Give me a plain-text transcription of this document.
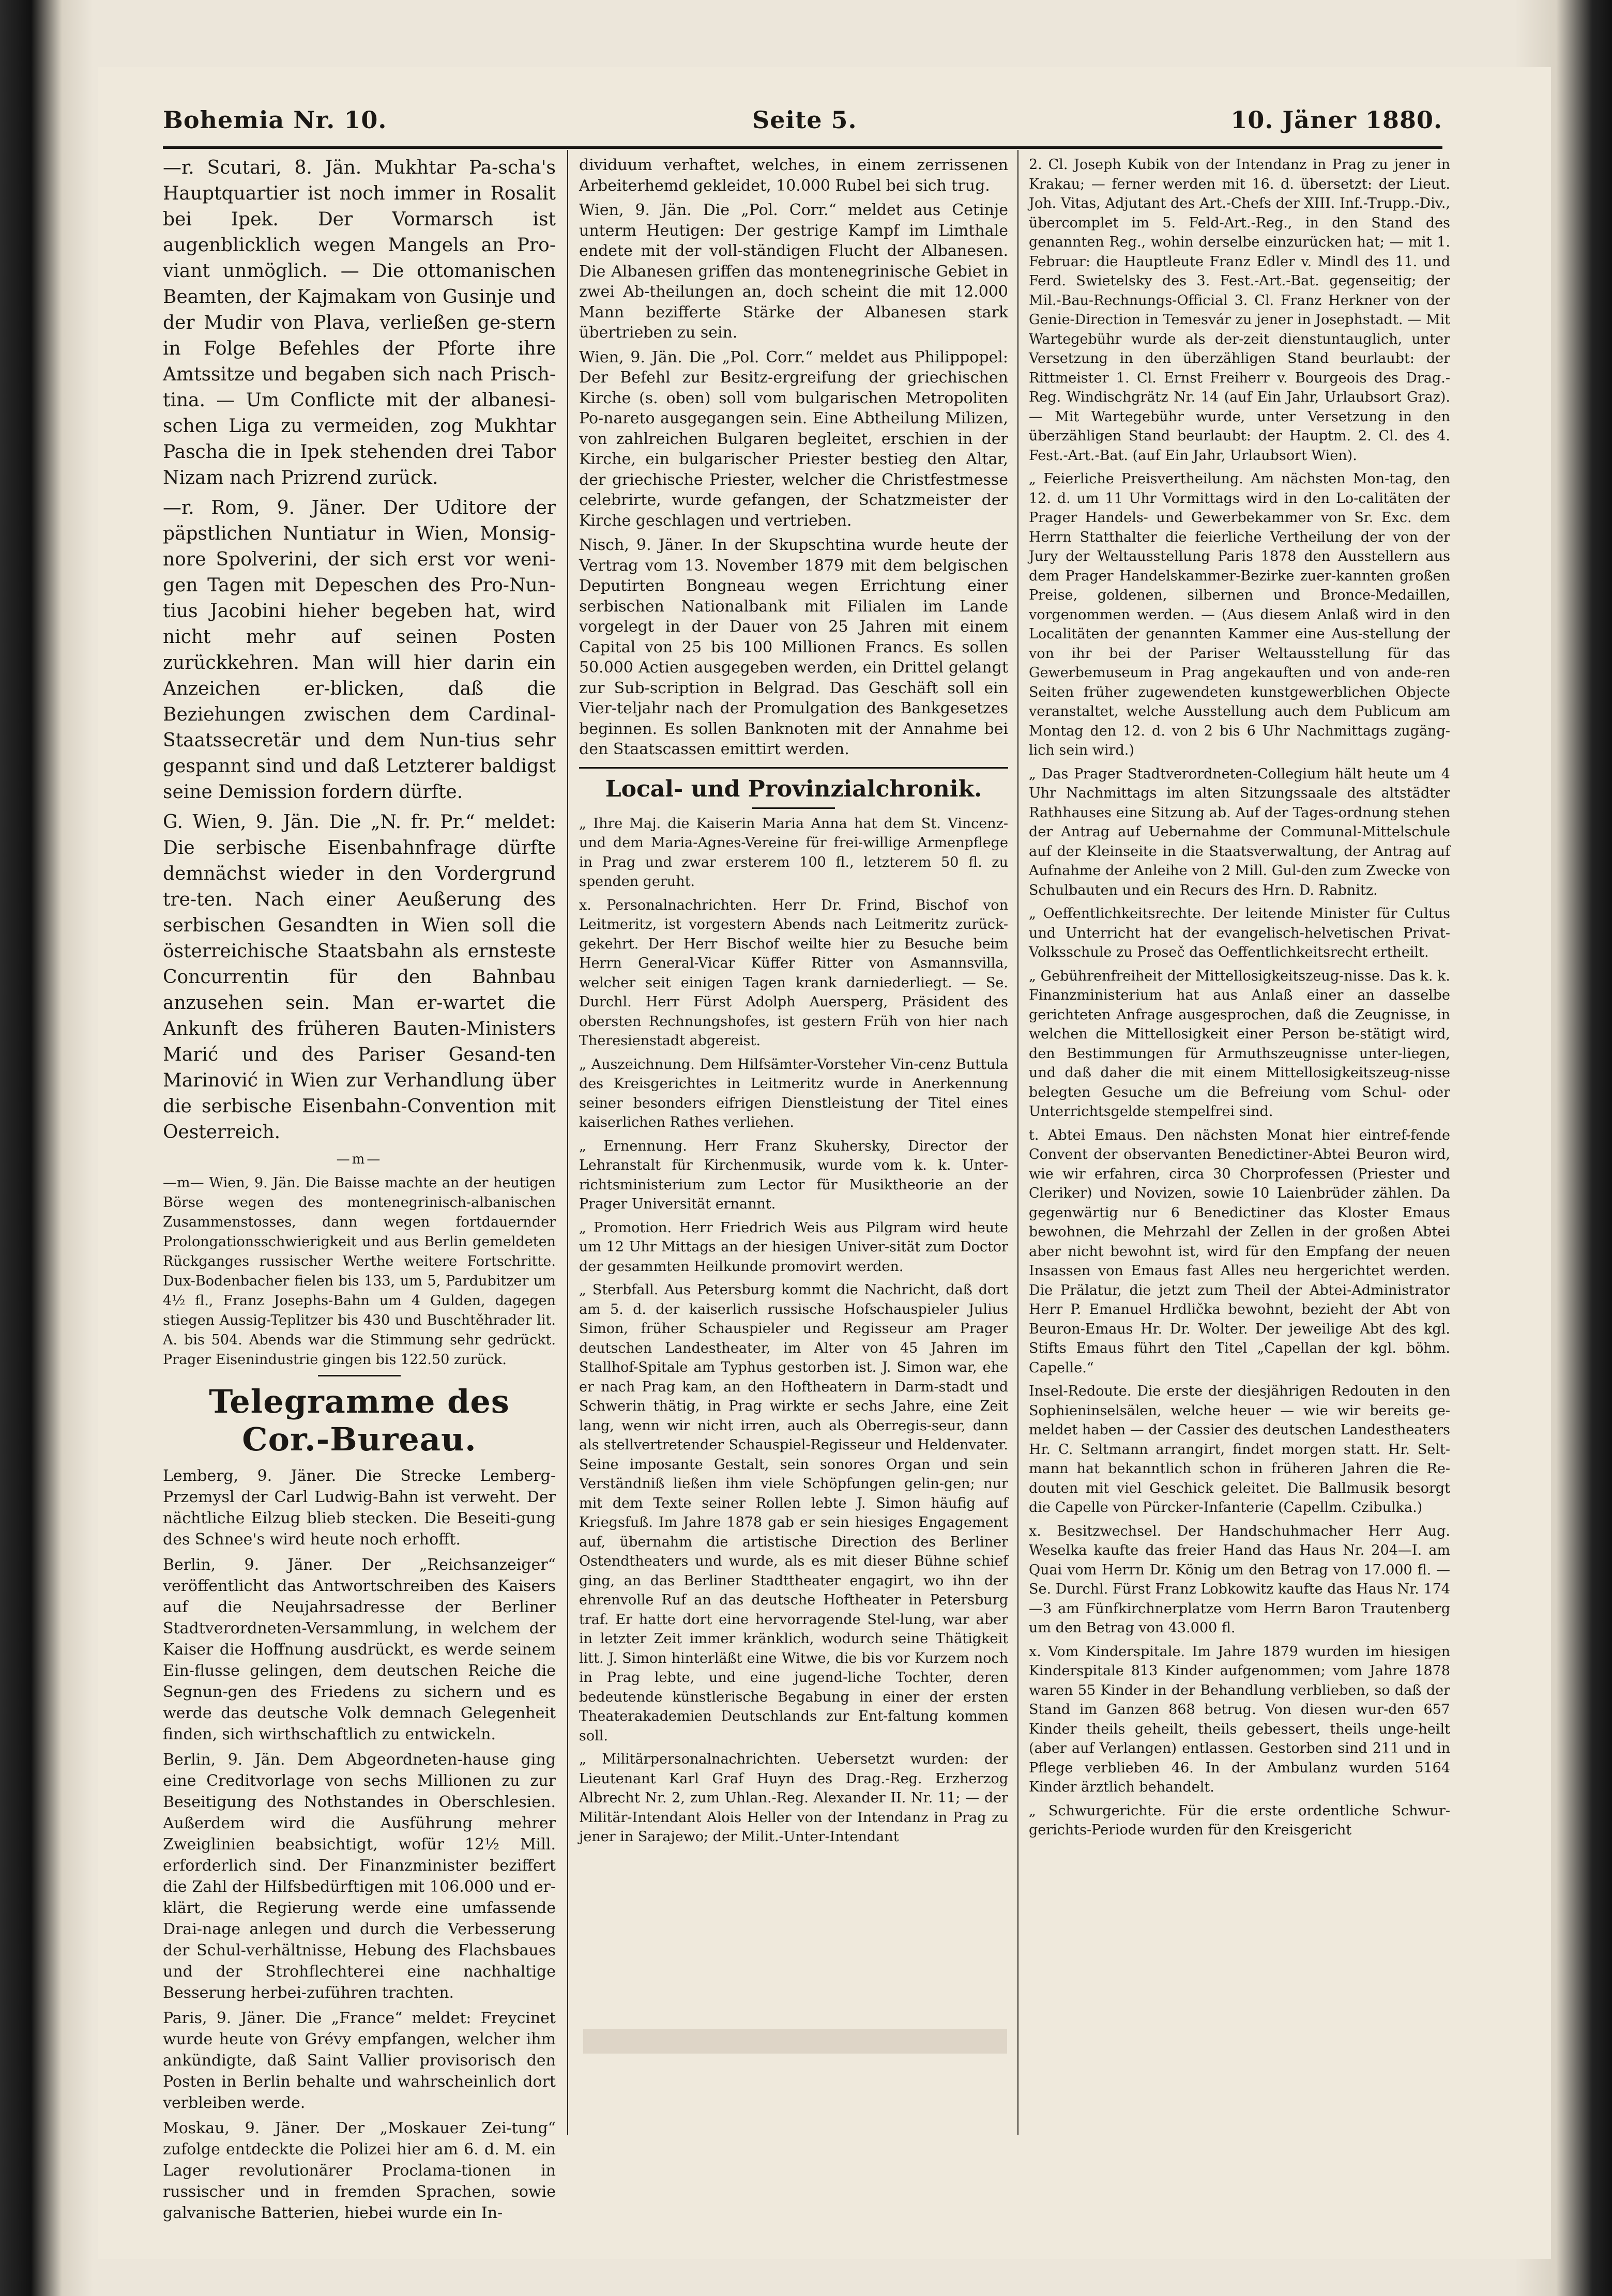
Bohemia Nr. 10.	Seite 5.	10. Jäner 1880.

—r. Scutari, 8. Jän. Mukhtar Pa-scha's Hauptquartier ist noch immer in Rosalit bei Ipek. Der Vormarsch ist augenblicklich wegen Mangels an Pro-viant unmöglich. — Die ottomanischen Beamten, der Kajmakam von Gusinje und der Mudir von Plava, verließen ge-stern in Folge Befehles der Pforte ihre Amtssitze und begaben sich nach Prisch-tina. — Um Conflicte mit der albanesi-schen Liga zu vermeiden, zog Mukhtar Pascha die in Ipek stehenden drei Tabor Nizam nach Prizrend zurück.

—r. Rom, 9. Jäner. Der Uditore der päpstlichen Nuntiatur in Wien, Monsig-nore Spolverini, der sich erst vor weni-gen Tagen mit Depeschen des Pro-Nun-tius Jacobini hieher begeben hat, wird nicht mehr auf seinen Posten zurückkehren. Man will hier darin ein Anzeichen er-blicken, daß die Beziehungen zwischen dem Cardinal-Staatssecretär und dem Nun-tius sehr gespannt sind und daß Letzterer baldigst seine Demission fordern dürfte.

G. Wien, 9. Jän. Die „N. fr. Pr.“ meldet: Die serbische Eisenbahnfrage dürfte demnächst wieder in den Vordergrund tre-ten. Nach einer Aeußerung des serbischen Gesandten in Wien soll die österreichische Staatsbahn als ernsteste Concurrentin für den Bahnbau anzusehen sein. Man er-wartet die Ankunft des früheren Bauten-Ministers Marić und des Pariser Gesand-ten Marinović in Wien zur Verhandlung über die serbische Eisenbahn-Convention mit Oesterreich.

—m—

—m— Wien, 9. Jän. Die Baisse machte an der heutigen Börse wegen des montenegrinisch-albanischen Zusammenstosses, dann wegen fortdauernder Prolongationsschwierigkeit und aus Berlin gemeldeten Rückganges russischer Werthe weitere Fortschritte. Dux-Bodenbacher fielen bis 133, um 5, Pardubitzer um 4½ fl., Franz Josephs-Bahn um 4 Gulden, dagegen stiegen Aussig-Teplitzer bis 430 und Buschtěhrader lit. A. bis 504. Abends war die Stimmung sehr gedrückt. Prager Eisenindustrie gingen bis 122.50 zurück.

Telegramme des Cor.-Bureau.

Lemberg, 9. Jäner. Die Strecke Lemberg-Przemysl der Carl Ludwig-Bahn ist verweht. Der nächtliche Eilzug blieb stecken. Die Beseiti-gung des Schnee's wird heute noch erhofft.

Berlin, 9. Jäner. Der „Reichsanzeiger“ veröffentlicht das Antwortschreiben des Kaisers auf die Neujahrsadresse der Berliner Stadtverordneten-Versammlung, in welchem der Kaiser die Hoffnung ausdrückt, es werde seinem Ein-flusse gelingen, dem deutschen Reiche die Segnun-gen des Friedens zu sichern und es werde das deutsche Volk demnach Gelegenheit finden, sich wirthschaftlich zu entwickeln.

Berlin, 9. Jän. Dem Abgeordneten-hause ging eine Creditvorlage von sechs Millionen zu zur Beseitigung des Nothstandes in Oberschlesien. Außerdem wird die Ausführung mehrer Zweiglinien beabsichtigt, wofür 12½ Mill. erforderlich sind. Der Finanzminister beziffert die Zahl der Hilfsbedürftigen mit 106.000 und er-klärt, die Regierung werde eine umfassende Drai-nage anlegen und durch die Verbesserung der Schul-verhältnisse, Hebung des Flachsbaues und der Strohflechterei eine nachhaltige Besserung herbei-zuführen trachten.

Paris, 9. Jäner. Die „France“ meldet: Freycinet wurde heute von Grévy empfangen, welcher ihm ankündigte, daß Saint Vallier provisorisch den Posten in Berlin behalte und wahrscheinlich dort verbleiben werde.

Moskau, 9. Jäner. Der „Moskauer Zei-tung“ zufolge entdeckte die Polizei hier am 6. d. M. ein Lager revolutionärer Proclama-tionen in russischer und in fremden Sprachen, sowie galvanische Batterien, hiebei wurde ein In-

dividuum verhaftet, welches, in einem zerrissenen Arbeiterhemd gekleidet, 10.000 Rubel bei sich trug.

Wien, 9. Jän. Die „Pol. Corr.“ meldet aus Cetinje unterm Heutigen: Der gestrige Kampf im Limthale endete mit der voll-ständigen Flucht der Albanesen. Die Albanesen griffen das montenegrinische Gebiet in zwei Ab-theilungen an, doch scheint die mit 12.000 Mann bezifferte Stärke der Albanesen stark übertrieben zu sein.

Wien, 9. Jän. Die „Pol. Corr.“ meldet aus Philippopel: Der Befehl zur Besitz-ergreifung der griechischen Kirche (s. oben) soll vom bulgarischen Metropoliten Po-nareto ausgegangen sein. Eine Abtheilung Milizen, von zahlreichen Bulgaren begleitet, erschien in der Kirche, ein bulgarischer Priester bestieg den Altar, der griechische Priester, welcher die Christfestmesse celebrirte, wurde gefangen, der Schatzmeister der Kirche geschlagen und vertrieben.

Nisch, 9. Jäner. In der Skupschtina wurde heute der Vertrag vom 13. November 1879 mit dem belgischen Deputirten Bongneau wegen Errichtung einer serbischen Nationalbank mit Filialen im Lande vorgelegt in der Dauer von 25 Jahren mit einem Capital von 25 bis 100 Millionen Francs. Es sollen 50.000 Actien ausgegeben werden, ein Drittel gelangt zur Sub-scription in Belgrad. Das Geschäft soll ein Vier-teljahr nach der Promulgation des Bankgesetzes beginnen. Es sollen Banknoten mit der Annahme bei den Staatscassen emittirt werden.

Local- und Provinzialchronik.

„ Ihre Maj. die Kaiserin Maria Anna hat dem St. Vincenz- und dem Maria-Agnes-Vereine für frei-willige Armenpflege in Prag und zwar ersterem 100 fl., letzterem 50 fl. zu spenden geruht.

x. Personalnachrichten. Herr Dr. Frind, Bischof von Leitmeritz, ist vorgestern Abends nach Leitmeritz zurück-gekehrt. Der Herr Bischof weilte hier zu Besuche beim Herrn General-Vicar Küffer Ritter von Asmannsvilla, welcher seit einigen Tagen krank darniederliegt. — Se. Durchl. Herr Fürst Adolph Auersperg, Präsident des obersten Rechnungshofes, ist gestern Früh von hier nach Theresienstadt abgereist.

„ Auszeichnung. Dem Hilfsämter-Vorsteher Vin-cenz Buttula des Kreisgerichtes in Leitmeritz wurde in Anerkennung seiner besonders eifrigen Dienstleistung der Titel eines kaiserlichen Rathes verliehen.

„ Ernennung. Herr Franz Skuhersky, Director der Lehranstalt für Kirchenmusik, wurde vom k. k. Unter-richtsministerium zum Lector für Musiktheorie an der Prager Universität ernannt.

„ Promotion. Herr Friedrich Weis aus Pilgram wird heute um 12 Uhr Mittags an der hiesigen Univer-sität zum Doctor der gesammten Heilkunde promovirt werden.

„ Sterbfall. Aus Petersburg kommt die Nachricht, daß dort am 5. d. der kaiserlich russische Hofschauspieler Julius Simon, früher Schauspieler und Regisseur am Prager deutschen Landestheater, im Alter von 45 Jahren im Stallhof-Spitale am Typhus gestorben ist. J. Simon war, ehe er nach Prag kam, an den Hoftheatern in Darm-stadt und Schwerin thätig, in Prag wirkte er sechs Jahre, eine Zeit lang, wenn wir nicht irren, auch als Oberregis-seur, dann als stellvertretender Schauspiel-Regisseur und Heldenvater. Seine imposante Gestalt, sein sonores Organ und sein Verständniß ließen ihm viele Schöpfungen gelin-gen; nur mit dem Texte seiner Rollen lebte J. Simon häufig auf Kriegsfuß. Im Jahre 1878 gab er sein hiesiges Engagement auf, übernahm die artistische Direction des Berliner Ostendtheaters und wurde, als es mit dieser Bühne schief ging, an das Berliner Stadttheater engagirt, wo ihn der ehrenvolle Ruf an das deutsche Hoftheater in Petersburg traf. Er hatte dort eine hervorragende Stel-lung, war aber in letzter Zeit immer kränklich, wodurch seine Thätigkeit litt. J. Simon hinterläßt eine Witwe, die bis vor Kurzem noch in Prag lebte, und eine jugend-liche Tochter, deren bedeutende künstlerische Begabung in einer der ersten Theaterakademien Deutschlands zur Ent-faltung kommen soll.

„ Militärpersonalnachrichten. Uebersetzt wurden: der Lieutenant Karl Graf Huyn des Drag.-Reg. Erzherzog Albrecht Nr. 2, zum Uhlan.-Reg. Alexander II. Nr. 11; — der Militär-Intendant Alois Heller von der Intendanz in Prag zu jener in Sarajewo; der Milit.-Unter-Intendant

2. Cl. Joseph Kubik von der Intendanz in Prag zu jener in Krakau; — ferner werden mit 16. d. übersetzt: der Lieut. Joh. Vitas, Adjutant des Art.-Chefs der XIII. Inf.-Trupp.-Div., übercomplet im 5. Feld-Art.-Reg., in den Stand des genannten Reg., wohin derselbe einzurücken hat; — mit 1. Februar: die Hauptleute Franz Edler v. Mindl des 11. und Ferd. Swietelsky des 3. Fest.-Art.-Bat. gegenseitig; der Mil.-Bau-Rechnungs-Official 3. Cl. Franz Herkner von der Genie-Direction in Temesvár zu jener in Josephstadt. — Mit Wartegebühr wurde als der-zeit dienstuntauglich, unter Versetzung in den überzähligen Stand beurlaubt: der Rittmeister 1. Cl. Ernst Freiherr v. Bourgeois des Drag.-Reg. Windischgrätz Nr. 14 (auf Ein Jahr, Urlaubsort Graz). — Mit Wartegebühr wurde, unter Versetzung in den überzähligen Stand beurlaubt: der Hauptm. 2. Cl. des 4. Fest.-Art.-Bat. (auf Ein Jahr, Urlaubsort Wien).

„ Feierliche Preisvertheilung. Am nächsten Mon-tag, den 12. d. um 11 Uhr Vormittags wird in den Lo-calitäten der Prager Handels- und Gewerbekammer von Sr. Exc. dem Herrn Statthalter die feierliche Vertheilung der von der Jury der Weltausstellung Paris 1878 den Ausstellern aus dem Prager Handelskammer-Bezirke zuer-kannten großen Preise, goldenen, silbernen und Bronce-Medaillen, vorgenommen werden. — (Aus diesem Anlaß wird in den Localitäten der genannten Kammer eine Aus-stellung der von ihr bei der Pariser Weltausstellung für das Gewerbemuseum in Prag angekauften und von ande-ren Seiten früher zugewendeten kunstgewerblichen Objecte veranstaltet, welche Ausstellung auch dem Publicum am Montag den 12. d. von 2 bis 6 Uhr Nachmittags zugäng-lich sein wird.)

„ Das Prager Stadtverordneten-Collegium hält heute um 4 Uhr Nachmittags im alten Sitzungssaale des altstädter Rathhauses eine Sitzung ab. Auf der Tages-ordnung stehen der Antrag auf Uebernahme der Communal-Mittelschule auf der Kleinseite in die Staatsverwaltung, der Antrag auf Aufnahme der Anleihe von 2 Mill. Gul-den zum Zwecke von Schulbauten und ein Recurs des Hrn. D. Rabnitz.

„ Oeffentlichkeitsrechte. Der leitende Minister für Cultus und Unterricht hat der evangelisch-helvetischen Privat-Volksschule zu Proseč das Oeffentlichkeitsrecht ertheilt.

„ Gebührenfreiheit der Mittellosigkeitszeug-nisse. Das k. k. Finanzministerium hat aus Anlaß einer an dasselbe gerichteten Anfrage ausgesprochen, daß die Zeugnisse, in welchen die Mittellosigkeit einer Person be-stätigt wird, den Bestimmungen für Armuthszeugnisse unter-liegen, und daß daher die mit einem Mittellosigkeitszeug-nisse belegten Gesuche um die Befreiung vom Schul- oder Unterrichtsgelde stempelfrei sind.

t. Abtei Emaus. Den nächsten Monat hier eintref-fende Convent der observanten Benedictiner-Abtei Beuron wird, wie wir erfahren, circa 30 Chorprofessen (Priester und Cleriker) und Novizen, sowie 10 Laienbrüder zählen. Da gegenwärtig nur 6 Benedictiner das Kloster Emaus bewohnen, die Mehrzahl der Zellen in der großen Abtei aber nicht bewohnt ist, wird für den Empfang der neuen Insassen von Emaus fast Alles neu hergerichtet werden. Die Prälatur, die jetzt zum Theil der Abtei-Administrator Herr P. Emanuel Hrdlička bewohnt, bezieht der Abt von Beuron-Emaus Hr. Dr. Wolter. Der jeweilige Abt des kgl. Stifts Emaus führt den Titel „Capellan der kgl. böhm. Capelle.“

Insel-Redoute. Die erste der diesjährigen Redouten in den Sophieninselsälen, welche heuer — wie wir bereits ge-meldet haben — der Cassier des deutschen Landestheaters Hr. C. Seltmann arrangirt, findet morgen statt. Hr. Selt-mann hat bekanntlich schon in früheren Jahren die Re-douten mit viel Geschick geleitet. Die Ballmusik besorgt die Capelle von Pürcker-Infanterie (Capellm. Czibulka.)

x. Besitzwechsel. Der Handschuhmacher Herr Aug. Weselka kaufte das freier Hand das Haus Nr. 204—I. am Quai vom Herrn Dr. König um den Betrag von 17.000 fl. — Se. Durchl. Fürst Franz Lobkowitz kaufte das Haus Nr. 174—3 am Fünfkirchnerplatze vom Herrn Baron Trautenberg um den Betrag von 43.000 fl.

x. Vom Kinderspitale. Im Jahre 1879 wurden im hiesigen Kinderspitale 813 Kinder aufgenommen; vom Jahre 1878 waren 55 Kinder in der Behandlung verblieben, so daß der Stand im Ganzen 868 betrug. Von diesen wur-den 657 Kinder theils geheilt, theils gebessert, theils unge-heilt (aber auf Verlangen) entlassen. Gestorben sind 211 und in Pflege verblieben 46. In der Ambulanz wurden 5164 Kinder ärztlich behandelt.

„ Schwurgerichte. Für die erste ordentliche Schwur-gerichts-Periode wurden für den Kreisgericht
